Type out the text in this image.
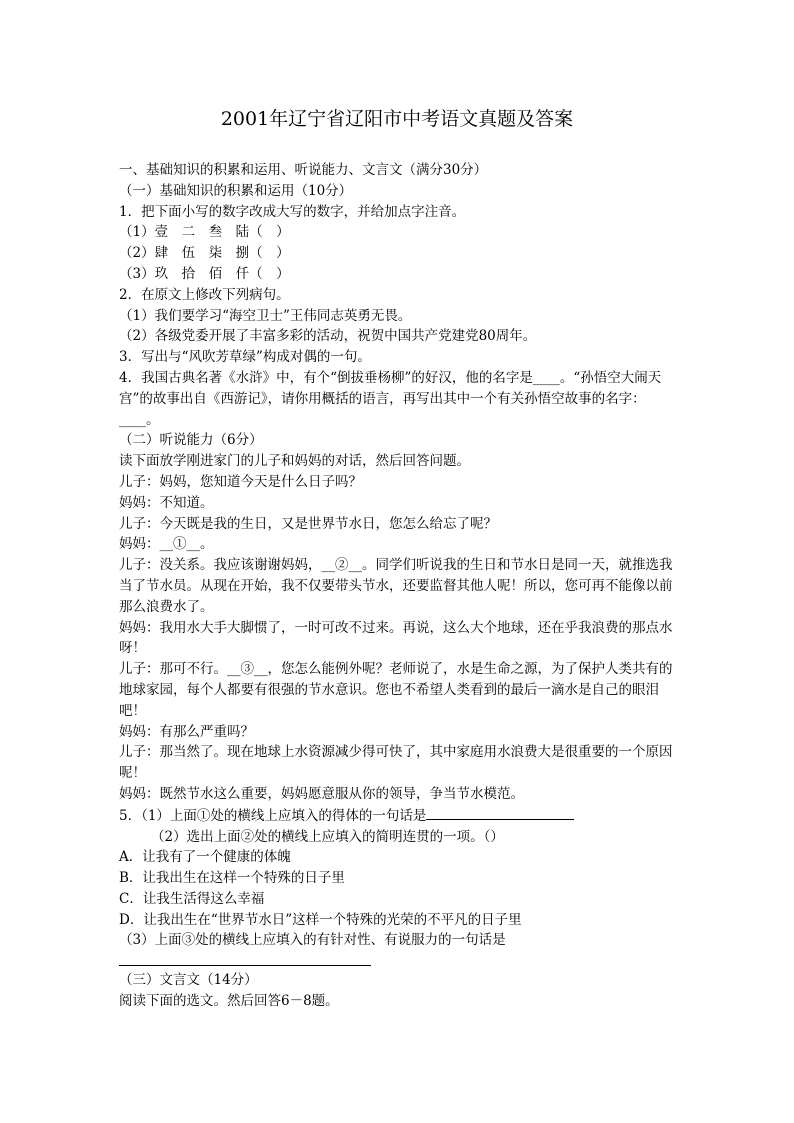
2001年辽宁省辽阳市中考语文真题及答案
一、基础知识的积累和运用、听说能力、文言文（满分30分）
（一）基础知识的积累和运用（10分）
1．把下面小写的数字改成大写的数字，并给加点字注音。
（1）壹　二　叁　陆（　）
（2）肆　伍　柒　捌（　）
（3）玖　拾　佰　仟（　）
2．在原文上修改下列病句。
（1）我们要学习“海空卫士”王伟同志英勇无畏。
（2）各级党委开展了丰富多彩的活动，祝贺中国共产党建党80周年。
3．写出与“风吹芳草绿”构成对偶的一句。
4．我国古典名著《水浒》中，有个“倒拔垂杨柳”的好汉，他的名字是____。“孙悟空大闹天宫”的故事出自《西游记》，请你用概括的语言，再写出其中一个有关孙悟空故事的名字：____。
（二）听说能力（6分）
读下面放学刚进家门的儿子和妈妈的对话，然后回答问题。
儿子：妈妈，您知道今天是什么日子吗？
妈妈：不知道。
儿子：今天既是我的生日，又是世界节水日，您怎么给忘了呢？
妈妈：__①__。
儿子：没关系。我应该谢谢妈妈，__②__。同学们听说我的生日和节水日是同一天，就推选我当了节水员。从现在开始，我不仅要带头节水，还要监督其他人呢！所以，您可再不能像以前那么浪费水了。
妈妈：我用水大手大脚惯了，一时可改不过来。再说，这么大个地球，还在乎我浪费的那点水呀！
儿子：那可不行。__③__，您怎么能例外呢？老师说了，水是生命之源，为了保护人类共有的地球家园，每个人都要有很强的节水意识。您也不希望人类看到的最后一滴水是自己的眼泪吧！
妈妈：有那么严重吗？
儿子：那当然了。现在地球上水资源减少得可快了，其中家庭用水浪费大是很重要的一个原因呢！
妈妈：既然节水这么重要，妈妈愿意服从你的领导，争当节水模范。
5．（1）上面①处的横线上应填入的得体的一句话是
（2）选出上面②处的横线上应填入的简明连贯的一项。（）
A．让我有了一个健康的体魄
B．让我出生在这样一个特殊的日子里
C．让我生活得这么幸福
D．让我出生在“世界节水日”这样一个特殊的光荣的不平凡的日子里
（3）上面③处的横线上应填入的有针对性、有说服力的一句话是
（三）文言文（14分）
阅读下面的选文。然后回答6－8题。
